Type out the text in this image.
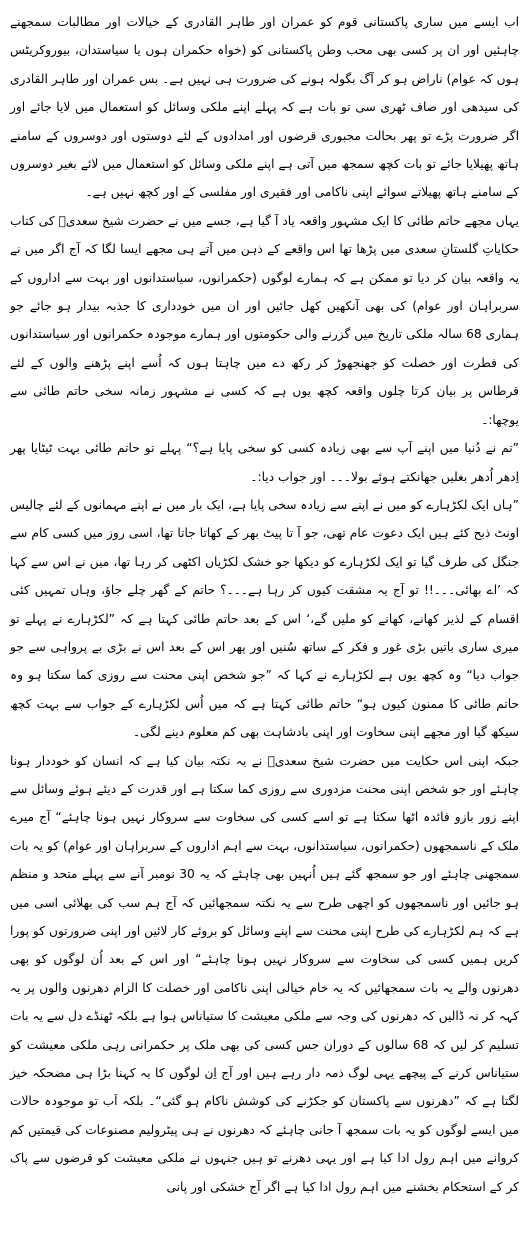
اب ایسے میں ساری پاکستانی قوم کو عمران اور طاہر القادری کے خیالات اور مطالبات سمجھنے چاہئیں اور ان پر کسی بھی محب وطن پاکستانی کو (خواہ حکمران ہوں یا سیاستدان، بیوروکریٹس ہوں کہ عوام) ناراض ہو کر آگ بگولہ ہونے کی ضرورت ہی نہیں ہے۔ بس عمران اور طاہر القادری کی سیدھی اور صاف ٹھری سی تو بات ہے کہ پہلے اپنے ملکی وسائل کو استعمال میں لایا جائے اور اگر ضرورت پڑے تو پھر بحالت مجبوری قرضوں اور امدادوں کے لئے دوستوں اور دوسروں کے سامنے ہاتھ پھیلایا جائے تو بات کچھ سمجھ میں آتی ہے اپنے ملکی وسائل کو استعمال میں لائے بغیر دوسروں کے سامنے ہاتھ پھیلاتے سوائے اپنی ناکامی اور فقیری اور مفلسی کے اور کچھ نہیں ہے۔

یہاں مجھے حاتم طائی کا ایک مشہور واقعہ یاد آ گیا ہے، جسے میں نے حضرت شیخ سعدیؒ کی کتاب حکایاتِ گلستانِ سعدی میں پڑھا تھا اس واقعے کے ذہن میں آتے ہی مجھے ایسا لگا کہ آج اگر میں نے یہ واقعہ بیان کر دیا تو ممکن ہے کہ ہمارے لوگوں (حکمرانوں، سیاستدانوں اور بہت سے اداروں کے سربراہان اور عوام) کی بھی آنکھیں کھل جائیں اور ان میں خودداری کا جذبہ بیدار ہو جائے جو ہماری 68 سالہ ملکی تاریخ میں گزرنے والی حکومتوں اور ہمارے موجودہ حکمرانوں اور سیاستدانوں کی فطرت اور خصلت کو جھنجھوڑ کر رکھ دے میں چاہتا ہوں کہ اُسے اپنے پڑھنے والوں کے لئے قرطاس پر بیان کرتا چلوں واقعہ کچھ یوں ہے کہ کسی نے مشہور زمانہ سخی حاتم طائی سے یوچھا:۔

”تم نے دُنیا میں اپنے آپ سے بھی زیادہ کسی کو سخی پایا ہے؟“ پہلے تو حاتم طائی بہت ٹیٹایا پھر اِدھر اُدھر بغلیں جھانکتے ہوئے بولا۔۔۔ اور جواب دیا:۔

”ہاں ایک لکڑہارے کو میں نے اپنے سے زیادہ سخی پایا ہے، ایک بار میں نے اپنے مہمانوں کے لئے چالیس اونٹ ذبح کئے ہیں ایک دعوت عام تھی، جو آ تا پیٹ بھر کے کھاتا جاتا تھا، اسی روز میں کسی کام سے جنگل کی طرف گیا تو ایک لکڑہارے کو دیکھا جو خشک لکڑیاں اکٹھی کر رہا تھا، میں نے اس سے کہا کہ ’اے بھائی۔۔۔!! تو آج یہ مشقت کیوں کر رہا ہے۔۔۔؟ حاتم کے گھر چلے جاؤ، وہاں تمہیں کئی اقسام کے لذیز کھانے، کھانے کو ملیں گے،‘ اس کے بعد حاتم طائی کہتا ہے کہ ”لکڑہارے نے پہلے تو میری ساری باتیں بڑی غور و فکر کے ساتھ سُنیں اور پھر اس کے بعد اس نے بڑی بے پرواہی سے جو جواب دیا“ وہ کچھ یوں ہے لکڑہارے نے کہا کہ ”جو شخص اپنی محنت سے روزی کما سکتا ہو وہ حاتم طائی کا ممنون کیوں ہو“ حاتم طائی کہتا ہے کہ میں اُس لکڑہارے کے جواب سے بہت کچھ سیکھ گیا اور مجھے اپنی سخاوت اور اپنی بادشاہت بھی کم معلوم دینے لگی۔

جبکہ اپنی اس حکایت میں حضرت شیخ سعدیؒ نے یہ نکتہ بیان کیا ہے کہ انسان کو خوددار ہونا چاہئے اور جو شخص اپنی محنت مزدوری سے روزی کما سکتا ہے اور قدرت کے دیئے ہوئے وسائل سے اپنے زور بازو فائدہ اٹھا سکتا ہے تو اسے کسی کی سخاوت سے سروکار نہیں ہونا چاہئے“ آج میرے ملک کے ناسمجھوں (حکمرانوں، سیاستدانوں، بہت سے اہم اداروں کے سربراہان اور عوام) کو یہ بات سمجھنی چاہئے اور جو سمجھ گئے ہیں اُنہیں بھی چاہئے کہ یہ 30 نومبر آنے سے پہلے متحد و منظم ہو جائیں اور ناسمجھوں کو اچھی طرح سے یہ نکتہ سمجھائیں کہ آج ہم سب کی بھلائی اسی میں ہے کہ ہم لکڑہارے کی طرح اپنی محنت سے اپنے وسائل کو بروئے کار لائیں اور اپنی ضرورتوں کو پورا کریں ہمیں کسی کی سخاوت سے سروکار نہیں ہونا چاہئے“ اور اس کے بعد اُن لوگوں کو بھی دھرنوں والے یہ بات سمجھائیں کہ یہ خام خیالی اپنی ناکامی اور خصلت کا الزام دھرنوں والوں پر یہ کہہ کر نہ ڈالیں کہ دھرنوں کی وجہ سے ملکی معیشت کا ستیاناس ہوا ہے بلکہ ٹھنڈے دل سے یہ بات تسلیم کر لیں کہ 68 سالوں کے دوران جس کسی کی بھی ملک پر حکمرانی رہی ملکی معیشت کو ستیاناس کرنے کے پیچھے یہی لوگ ذمہ دار رہے ہیں اور آج اِن لوگوں کا یہ کہنا بڑا ہی مضحکہ خیز لگتا ہے کہ ”دھرنوں سے پاکستان کو جکڑنے کی کوشش ناکام ہو گئی“۔ بلکہ اَب تو موجودہ حالات میں ایسے لوگوں کو یہ بات سمجھ آ جانی چاہئے کہ دھرنوں نے ہی پیٹرولیم مصنوعات کی قیمتیں کم کروانے میں اہم رول ادا کیا ہے اور یہی دھرنے تو ہیں جنہوں نے ملکی معیشت کو قرضوں سے پاک کر کے استحکام بخشنے میں اہم رول ادا کیا ہے اگر آج خشکی اور پانی
